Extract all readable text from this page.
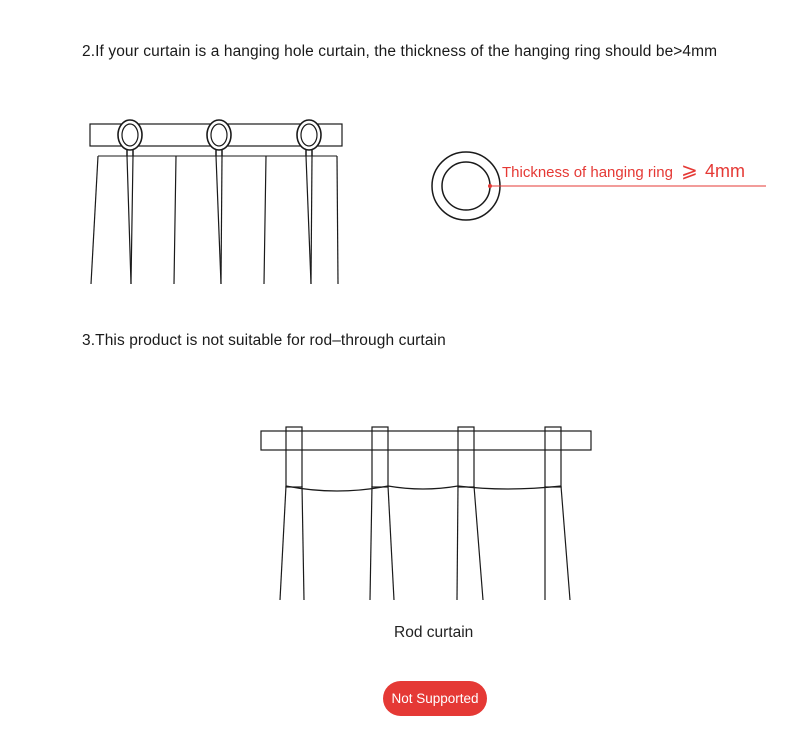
2.If your curtain is a hanging hole curtain, the thickness of the hanging ring should be>4mm
Thickness of hanging ring ⩾ 4mm
3.This product is not suitable for rod–through curtain
Rod curtain
Not Supported
